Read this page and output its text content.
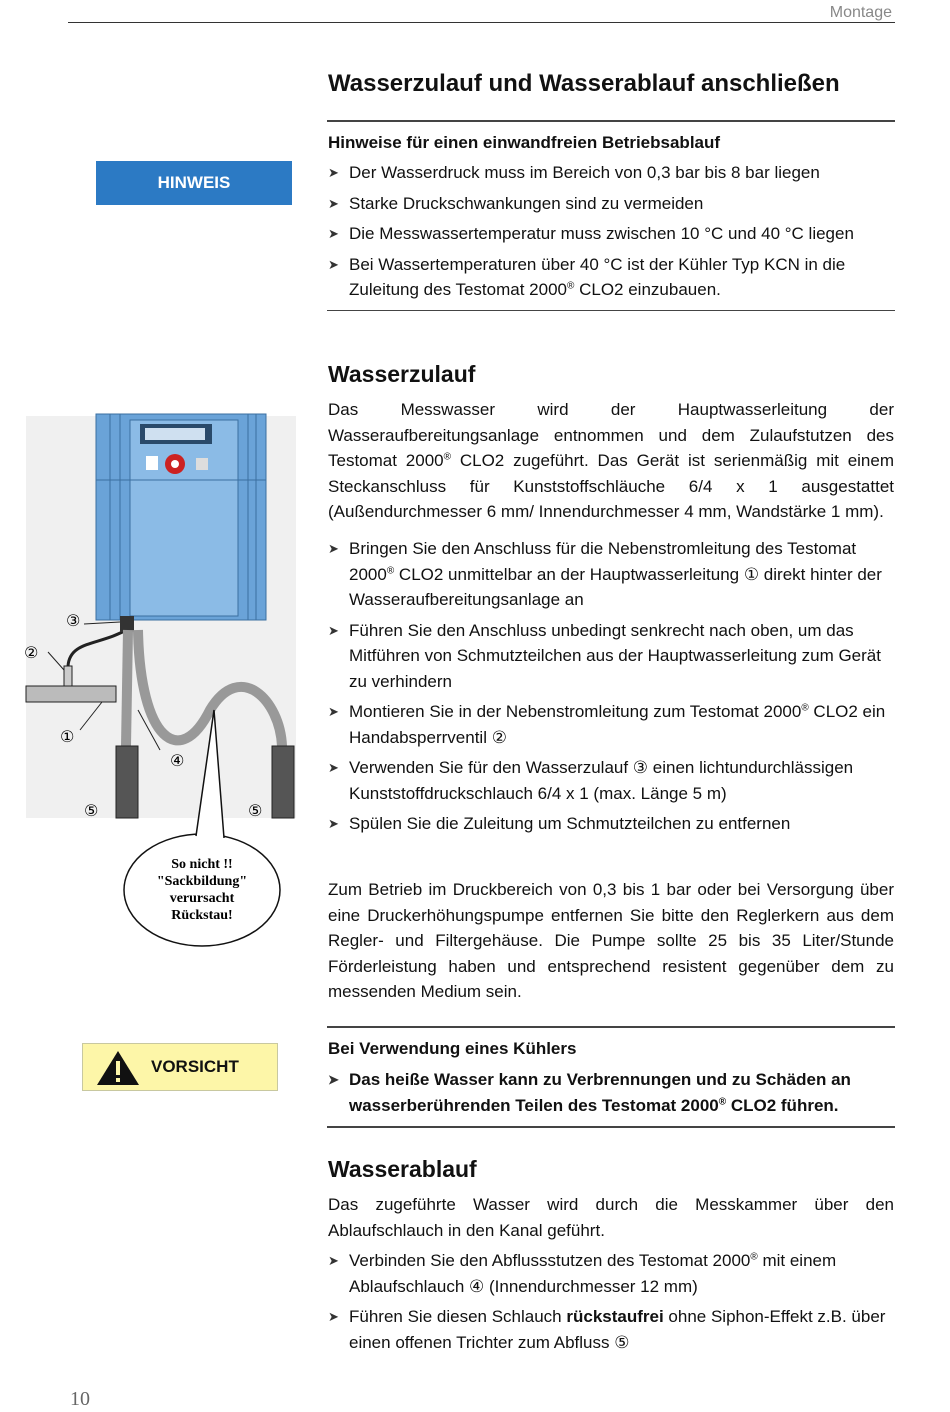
Montage
Wasserzulauf und Wasserablauf anschließen
HINWEIS
Hinweise für einen einwandfreien Betriebsablauf
➤ Der Wasserdruck muss im Bereich von 0,3 bar bis 8 bar liegen
➤ Starke Druckschwankungen sind zu vermeiden
➤ Die Messwassertemperatur muss zwischen 10 °C und 40 °C liegen
➤ Bei Wassertemperaturen über 40 °C ist der Kühler Typ KCN in die Zuleitung des Testomat 2000® CLO2 einzubauen.
Wasserzulauf
Das Messwasser wird der Hauptwasserleitung der Wasseraufbereitungsanlage entnommen und dem Zulaufstutzen des Testomat 2000® CLO2 zugeführt. Das Gerät ist serienmäßig mit einem Steckanschluss für Kunststoffschläuche 6/4 x 1 ausgestattet (Außendurchmesser 6 mm/ Innendurchmesser 4 mm, Wandstärke 1 mm).
➤ Bringen Sie den Anschluss für die Nebenstromleitung des Testomat 2000® CLO2 unmittelbar an der Hauptwasserleitung ① direkt hinter der Wasseraufbereitungsanlage an
➤ Führen Sie den Anschluss unbedingt senkrecht nach oben, um das Mitführen von Schmutzteilchen aus der Hauptwasserleitung zum Gerät zu verhindern
➤ Montieren Sie in der Nebenstromleitung zum Testomat 2000® CLO2 ein Handabsperrventil ②
➤ Verwenden Sie für den Wasserzulauf ③ einen lichtundurchlässigen Kunststoffdruckschlauch 6/4 x 1 (max. Länge 5 m)
➤ Spülen Sie die Zuleitung um Schmutzteilchen zu entfernen
Zum Betrieb im Druckbereich von 0,3 bis 1 bar oder bei Versorgung über eine Druckerhöhungspumpe entfernen Sie bitte den Reglerkern aus dem Regler- und Filtergehäuse. Die Pumpe sollte 25 bis 35 Liter/Stunde Förderleistung haben und entsprechend resistent gegenüber dem zu messenden Medium sein.
③
②
①
④
⑤	⑤
So nicht !!
"Sackbildung"
verursacht
Rückstau!
VORSICHT
Bei Verwendung eines Kühlers
➤ Das heiße Wasser kann zu Verbrennungen und zu Schäden an wasserberührenden Teilen des Testomat 2000® CLO2 führen.
Wasserablauf
Das zugeführte Wasser wird durch die Messkammer über den Ablaufschlauch in den Kanal geführt.
➤ Verbinden Sie den Abflussstutzen des Testomat 2000® mit einem Ablaufschlauch ④ (Innendurchmesser 12 mm)
➤ Führen Sie diesen Schlauch rückstaufrei ohne Siphon-Effekt z.B. über einen offenen Trichter zum Abfluss ⑤
10
